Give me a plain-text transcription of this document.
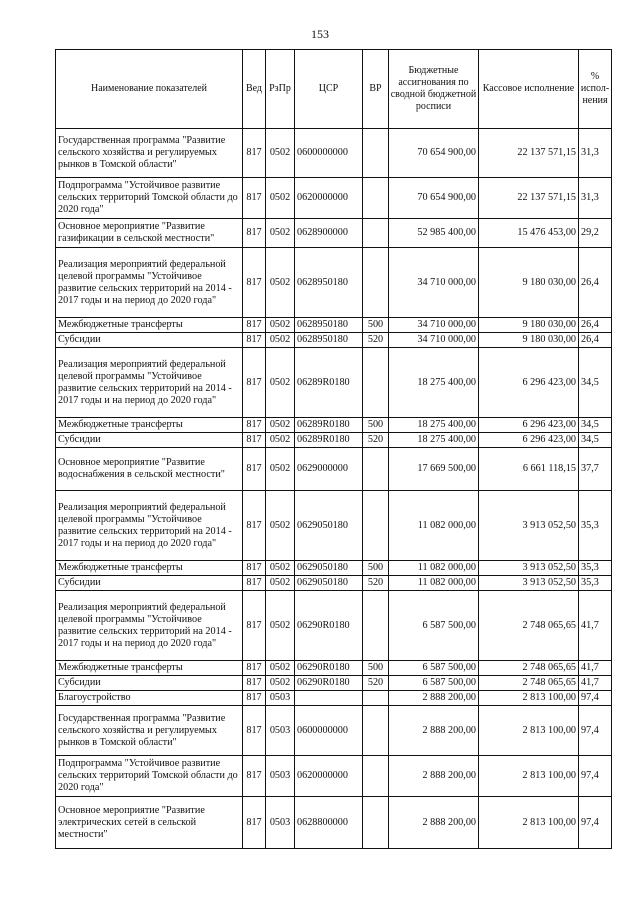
153
Наименование показателей	Вед	РзПр	ЦСР	ВР	Бюджетные ассигнования по сводной бюджетной росписи	Кассовое исполнение	% испол-нения
Государственная программа "Развитие сельского хозяйства и регулируемых рынков в Томской области"	817	0502	0600000000		70 654 900,00	22 137 571,15	31,3
Подпрограмма "Устойчивое развитие сельских территорий Томской области до 2020 года"	817	0502	0620000000		70 654 900,00	22 137 571,15	31,3
Основное мероприятие "Развитие газификации в сельской местности"	817	0502	0628900000		52 985 400,00	15 476 453,00	29,2
Реализация мероприятий федеральной целевой программы "Устойчивое развитие сельских территорий на 2014 - 2017 годы и на период до 2020 года"	817	0502	0628950180		34 710 000,00	9 180 030,00	26,4
Межбюджетные трансферты	817	0502	0628950180	500	34 710 000,00	9 180 030,00	26,4
Субсидии	817	0502	0628950180	520	34 710 000,00	9 180 030,00	26,4
Реализация мероприятий федеральной целевой программы "Устойчивое развитие сельских территорий на 2014 - 2017 годы и на период до 2020 года"	817	0502	06289R0180		18 275 400,00	6 296 423,00	34,5
Межбюджетные трансферты	817	0502	06289R0180	500	18 275 400,00	6 296 423,00	34,5
Субсидии	817	0502	06289R0180	520	18 275 400,00	6 296 423,00	34,5
Основное мероприятие "Развитие водоснабжения в сельской местности"	817	0502	0629000000		17 669 500,00	6 661 118,15	37,7
Реализация мероприятий федеральной целевой программы "Устойчивое развитие сельских территорий на 2014 - 2017 годы и на период до 2020 года"	817	0502	0629050180		11 082 000,00	3 913 052,50	35,3
Межбюджетные трансферты	817	0502	0629050180	500	11 082 000,00	3 913 052,50	35,3
Субсидии	817	0502	0629050180	520	11 082 000,00	3 913 052,50	35,3
Реализация мероприятий федеральной целевой программы "Устойчивое развитие сельских территорий на 2014 - 2017 годы и на период до 2020 года"	817	0502	06290R0180		6 587 500,00	2 748 065,65	41,7
Межбюджетные трансферты	817	0502	06290R0180	500	6 587 500,00	2 748 065,65	41,7
Субсидии	817	0502	06290R0180	520	6 587 500,00	2 748 065,65	41,7
Благоустройство	817	0503			2 888 200,00	2 813 100,00	97,4
Государственная программа "Развитие сельского хозяйства и регулируемых рынков в Томской области"	817	0503	0600000000		2 888 200,00	2 813 100,00	97,4
Подпрограмма "Устойчивое развитие сельских территорий Томской области до 2020 года"	817	0503	0620000000		2 888 200,00	2 813 100,00	97,4
Основное мероприятие "Развитие электрических сетей в сельской местности"	817	0503	0628800000		2 888 200,00	2 813 100,00	97,4
